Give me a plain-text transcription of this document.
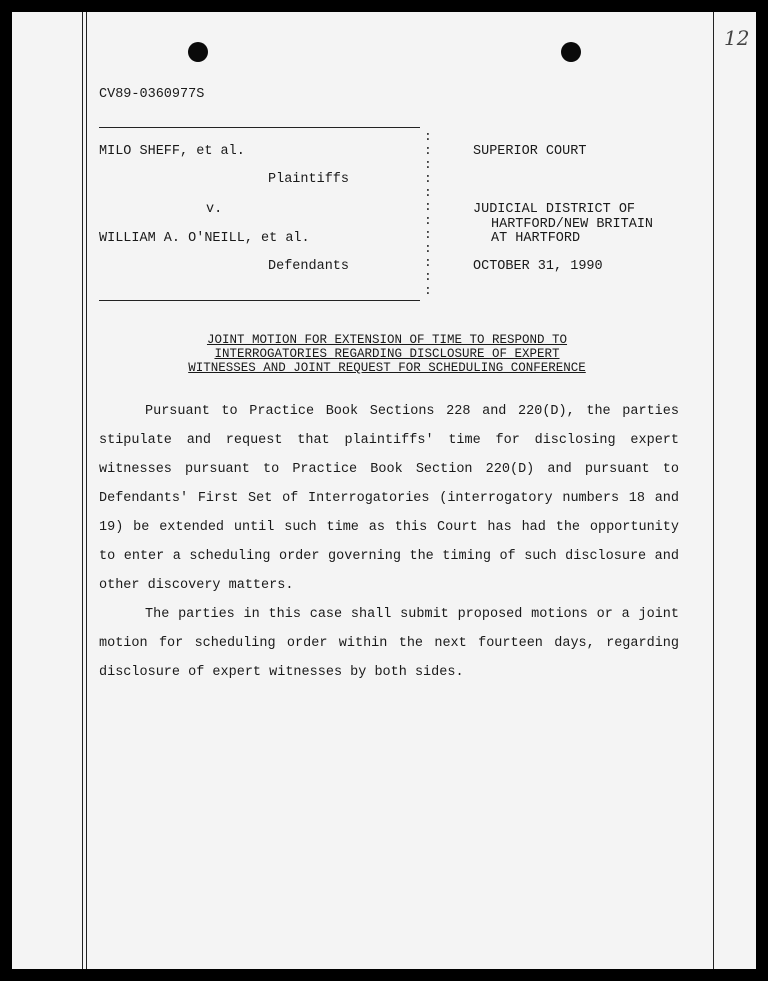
12
CV89-0360977S
:
:
:
:
:
:
:
:
:
:
:
:
MILO SHEFF, et al.
Plaintiffs
v.
WILLIAM A. O'NEILL, et al.
Defendants
SUPERIOR COURT
JUDICIAL DISTRICT OF
HARTFORD/NEW BRITAIN
AT HARTFORD
OCTOBER 31, 1990
JOINT MOTION FOR EXTENSION OF TIME TO RESPOND TO
INTERROGATORIES REGARDING DISCLOSURE OF EXPERT
WITNESSES AND JOINT REQUEST FOR SCHEDULING CONFERENCE

Pursuant to Practice Book Sections 228 and 220(D), the parties stipulate and request that plaintiffs' time for disclosing expert witnesses pursuant to Practice Book Section 220(D) and pursuant to Defendants' First Set of Interrogatories (interrogatory numbers 18 and 19) be extended until such time as this Court has had the opportunity to enter a scheduling order governing the timing of such disclosure and other discovery matters.

The parties in this case shall submit proposed motions or a joint motion for scheduling order within the next fourteen days, regarding disclosure of expert witnesses by both sides.
